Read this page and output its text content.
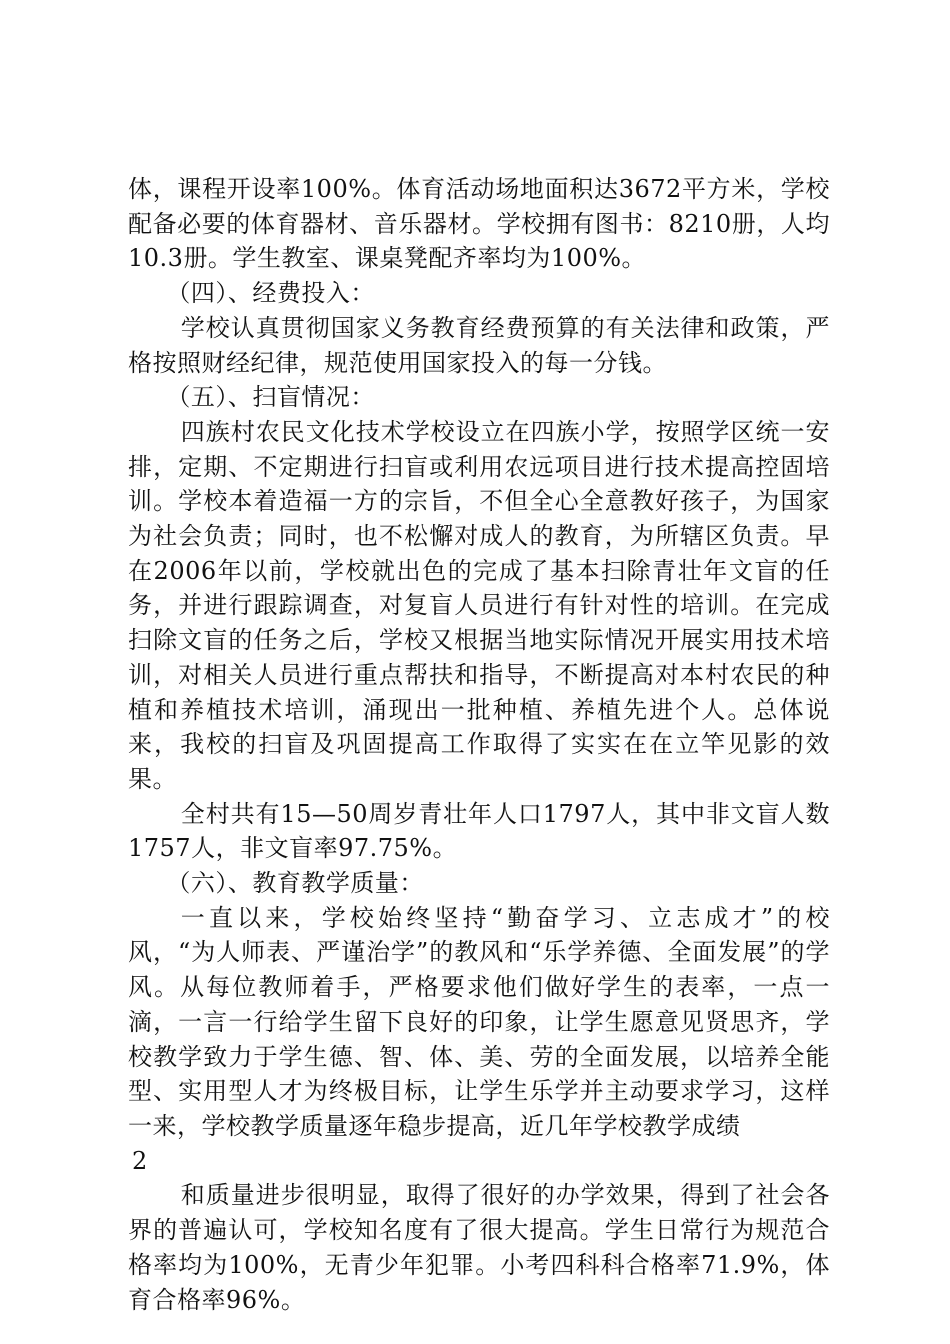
体，课程开设率100%。体育活动场地面积达3672平方米，学校配备必要的体育器材、音乐器材。学校拥有图书：8210册，人均10.3册。学生教室、课桌凳配齐率均为100%。

（四）、经费投入：

学校认真贯彻国家义务教育经费预算的有关法律和政策，严格按照财经纪律，规范使用国家投入的每一分钱。

（五）、扫盲情况：

四族村农民文化技术学校设立在四族小学，按照学区统一安排，定期、不定期进行扫盲或利用农远项目进行技术提高控固培训。学校本着造福一方的宗旨，不但全心全意教好孩子，为国家为社会负责；同时，也不松懈对成人的教育，为所辖区负责。早在2006年以前，学校就出色的完成了基本扫除青壮年文盲的任务，并进行跟踪调查，对复盲人员进行有针对性的培训。在完成扫除文盲的任务之后，学校又根据当地实际情况开展实用技术培训，对相关人员进行重点帮扶和指导，不断提高对本村农民的种植和养植技术培训，涌现出一批种植、养植先进个人。总体说来，我校的扫盲及巩固提高工作取得了实实在在立竿见影的效果。

全村共有15—50周岁青壮年人口1797人，其中非文盲人数1757人，非文盲率97.75%。

（六）、教育教学质量：

一直以来，学校始终坚持“勤奋学习、立志成才”的校风，“为人师表、严谨治学”的教风和“乐学养德、全面发展”的学风。从每位教师着手，严格要求他们做好学生的表率，一点一滴，一言一行给学生留下良好的印象，让学生愿意见贤思齐，学校教学致力于学生德、智、体、美、劳的全面发展，以培养全能型、实用型人才为终极目标，让学生乐学并主动要求学习，这样一来，学校教学质量逐年稳步提高，近几年学校教学成绩

2

和质量进步很明显，取得了很好的办学效果，得到了社会各界的普遍认可，学校知名度有了很大提高。学生日常行为规范合格率均为100%，无青少年犯罪。小考四科科合格率71.9%，体育合格率96%。
